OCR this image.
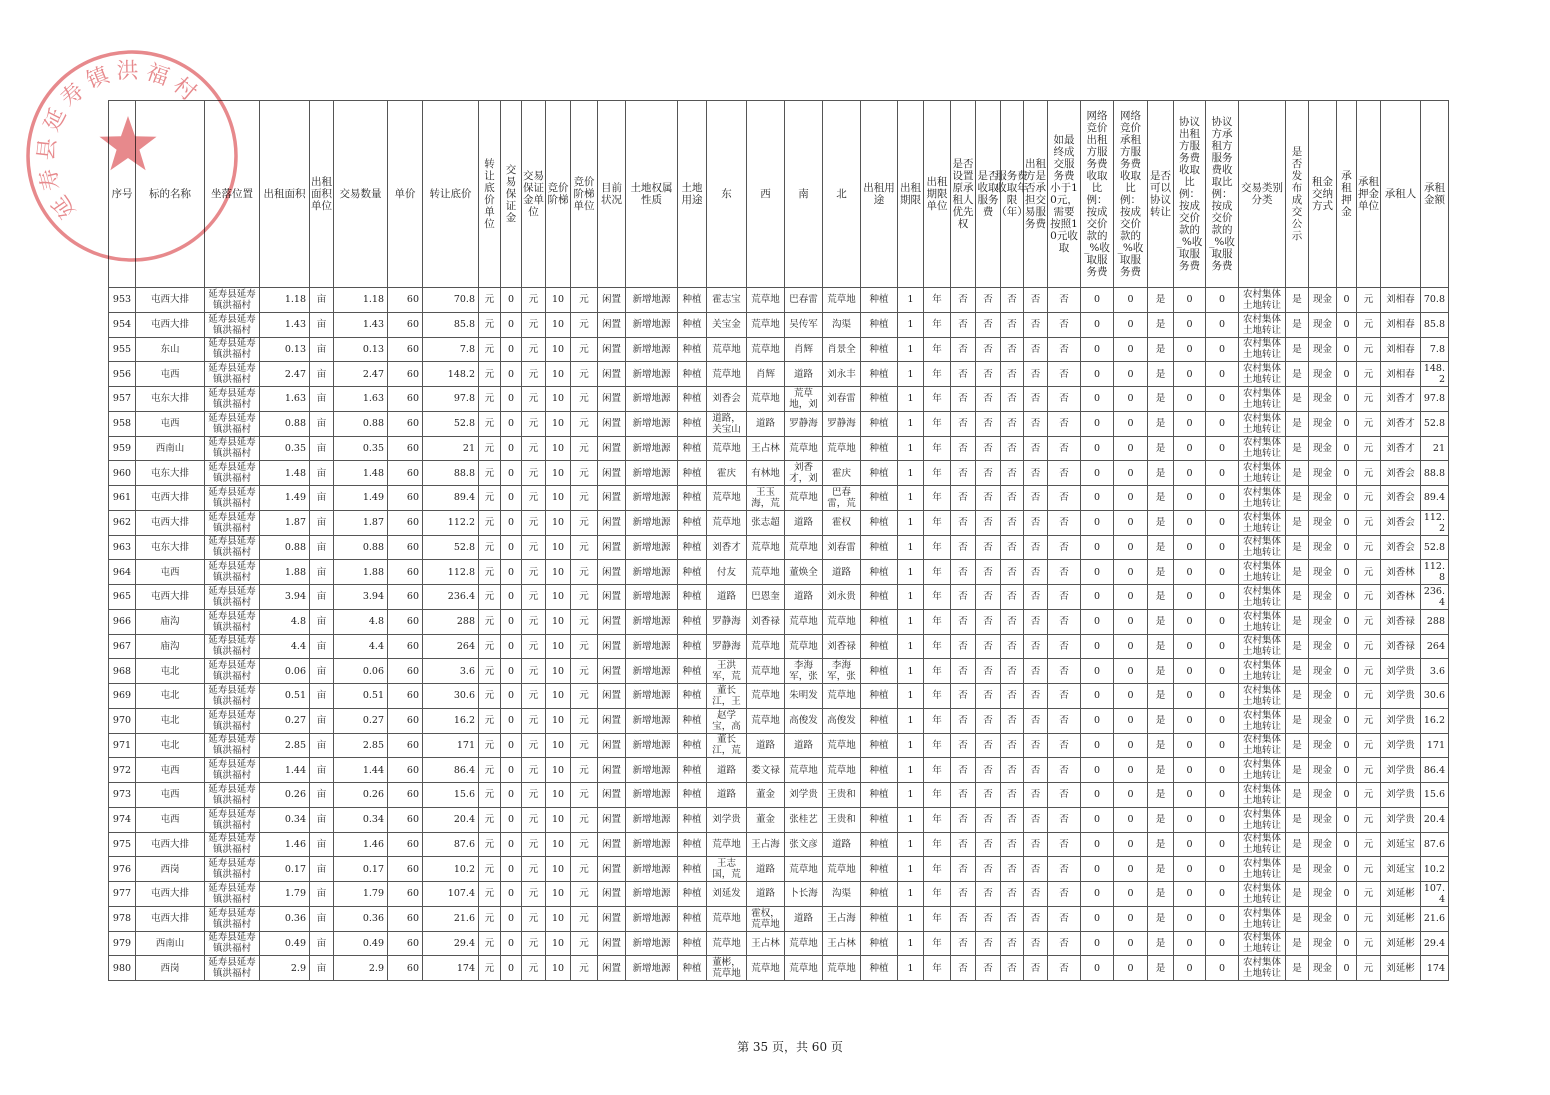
序号	标的名称	坐落位置	出租面积	出租面积单位	交易数量	单价	转让底价	转让底价单位	交易保证金	交易保证金单位	竞价阶梯	竞价阶梯单位	目前状况	土地权属性质	土地用途	东	西	南	北	出租用途	出租期限	出租期限单位	是否设置原承租人优先权	是否收取服务费	服务费收取年限（年）	出租方是否承担交易服务费	如最终成交服务费小于10元，需要按照10元收取	网络竞价出租方服务费收取比例：按成交价款的_%收取服务费	网络竞价承租方服务费收取比例：按成交价款的_%收取服务费	是否可以协议转让	协议出租方服务费收取比例：按成交价款的_%收取服务费	协议方承租方服务费收取比例：按成交价款的_%收取服务费	交易类别分类	是否发布成交公示	租金交纳方式	承租押金	承租押金单位	承租人	承租金额

953	屯西大排	延寿县延寿镇洪福村	1.18	亩	1.18	60	70.8	元	0	元	10	元	闲置	新增地源	种植	霍志宝	荒草地	巴春雷	荒草地	种植	1	年	否	否	否	否	否	0	0	是	0	0	农村集体土地转让	是	现金	0	元	刘相春	70.8

954	屯西大排	延寿县延寿镇洪福村	1.43	亩	1.43	60	85.8	元	0	元	10	元	闲置	新增地源	种植	关宝金	荒草地	吴传军	沟渠	种植	1	年	否	否	否	否	否	0	0	是	0	0	农村集体土地转让	是	现金	0	元	刘相春	85.8

955	东山	延寿县延寿镇洪福村	0.13	亩	0.13	60	7.8	元	0	元	10	元	闲置	新增地源	种植	荒草地	荒草地	肖辉	肖景全	种植	1	年	否	否	否	否	否	0	0	是	0	0	农村集体土地转让	是	现金	0	元	刘相春	7.8

956	屯西	延寿县延寿镇洪福村	2.47	亩	2.47	60	148.2	元	0	元	10	元	闲置	新增地源	种植	荒草地	肖辉	道路	刘永丰	种植	1	年	否	否	否	否	否	0	0	是	0	0	农村集体土地转让	是	现金	0	元	刘相春	148.2

957	屯东大排	延寿县延寿镇洪福村	1.63	亩	1.63	60	97.8	元	0	元	10	元	闲置	新增地源	种植	刘香会	荒草地	荒草地，刘	刘春雷	种植	1	年	否	否	否	否	否	0	0	是	0	0	农村集体土地转让	是	现金	0	元	刘香才	97.8

958	屯西	延寿县延寿镇洪福村	0.88	亩	0.88	60	52.8	元	0	元	10	元	闲置	新增地源	种植	道路，关宝山	道路	罗静海	罗静海	种植	1	年	否	否	否	否	否	0	0	是	0	0	农村集体土地转让	是	现金	0	元	刘香才	52.8

959	西南山	延寿县延寿镇洪福村	0.35	亩	0.35	60	21	元	0	元	10	元	闲置	新增地源	种植	荒草地	王占林	荒草地	荒草地	种植	1	年	否	否	否	否	否	0	0	是	0	0	农村集体土地转让	是	现金	0	元	刘香才	21

960	屯东大排	延寿县延寿镇洪福村	1.48	亩	1.48	60	88.8	元	0	元	10	元	闲置	新增地源	种植	霍庆	有林地	刘香才，刘	霍庆	种植	1	年	否	否	否	否	否	0	0	是	0	0	农村集体土地转让	是	现金	0	元	刘香会	88.8

961	屯西大排	延寿县延寿镇洪福村	1.49	亩	1.49	60	89.4	元	0	元	10	元	闲置	新增地源	种植	荒草地	王玉海，荒	荒草地	巴春雷，荒	种植	1	年	否	否	否	否	否	0	0	是	0	0	农村集体土地转让	是	现金	0	元	刘香会	89.4

962	屯西大排	延寿县延寿镇洪福村	1.87	亩	1.87	60	112.2	元	0	元	10	元	闲置	新增地源	种植	荒草地	张志超	道路	霍权	种植	1	年	否	否	否	否	否	0	0	是	0	0	农村集体土地转让	是	现金	0	元	刘香会	112.2

963	屯东大排	延寿县延寿镇洪福村	0.88	亩	0.88	60	52.8	元	0	元	10	元	闲置	新增地源	种植	刘香才	荒草地	荒草地	刘春雷	种植	1	年	否	否	否	否	否	0	0	是	0	0	农村集体土地转让	是	现金	0	元	刘香会	52.8

964	屯西	延寿县延寿镇洪福村	1.88	亩	1.88	60	112.8	元	0	元	10	元	闲置	新增地源	种植	付友	荒草地	董焕全	道路	种植	1	年	否	否	否	否	否	0	0	是	0	0	农村集体土地转让	是	现金	0	元	刘香林	112.8

965	屯西大排	延寿县延寿镇洪福村	3.94	亩	3.94	60	236.4	元	0	元	10	元	闲置	新增地源	种植	道路	巴恩奎	道路	刘永贵	种植	1	年	否	否	否	否	否	0	0	是	0	0	农村集体土地转让	是	现金	0	元	刘香林	236.4

966	庙沟	延寿县延寿镇洪福村	4.8	亩	4.8	60	288	元	0	元	10	元	闲置	新增地源	种植	罗静海	刘香禄	荒草地	荒草地	种植	1	年	否	否	否	否	否	0	0	是	0	0	农村集体土地转让	是	现金	0	元	刘香禄	288

967	庙沟	延寿县延寿镇洪福村	4.4	亩	4.4	60	264	元	0	元	10	元	闲置	新增地源	种植	罗静海	荒草地	荒草地	刘香禄	种植	1	年	否	否	否	否	否	0	0	是	0	0	农村集体土地转让	是	现金	0	元	刘香禄	264

968	屯北	延寿县延寿镇洪福村	0.06	亩	0.06	60	3.6	元	0	元	10	元	闲置	新增地源	种植	王洪军，荒	荒草地	李海军，张	李海军，张	种植	1	年	否	否	否	否	否	0	0	是	0	0	农村集体土地转让	是	现金	0	元	刘学贵	3.6

969	屯北	延寿县延寿镇洪福村	0.51	亩	0.51	60	30.6	元	0	元	10	元	闲置	新增地源	种植	董长江，王	荒草地	朱明发	荒草地	种植	1	年	否	否	否	否	否	0	0	是	0	0	农村集体土地转让	是	现金	0	元	刘学贵	30.6

970	屯北	延寿县延寿镇洪福村	0.27	亩	0.27	60	16.2	元	0	元	10	元	闲置	新增地源	种植	赵学宝，高	荒草地	高俊发	高俊发	种植	1	年	否	否	否	否	否	0	0	是	0	0	农村集体土地转让	是	现金	0	元	刘学贵	16.2

971	屯北	延寿县延寿镇洪福村	2.85	亩	2.85	60	171	元	0	元	10	元	闲置	新增地源	种植	董长江，荒	道路	道路	荒草地	种植	1	年	否	否	否	否	否	0	0	是	0	0	农村集体土地转让	是	现金	0	元	刘学贵	171

972	屯西	延寿县延寿镇洪福村	1.44	亩	1.44	60	86.4	元	0	元	10	元	闲置	新增地源	种植	道路	娄文禄	荒草地	荒草地	种植	1	年	否	否	否	否	否	0	0	是	0	0	农村集体土地转让	是	现金	0	元	刘学贵	86.4

973	屯西	延寿县延寿镇洪福村	0.26	亩	0.26	60	15.6	元	0	元	10	元	闲置	新增地源	种植	道路	董金	刘学贵	王贵和	种植	1	年	否	否	否	否	否	0	0	是	0	0	农村集体土地转让	是	现金	0	元	刘学贵	15.6

974	屯西	延寿县延寿镇洪福村	0.34	亩	0.34	60	20.4	元	0	元	10	元	闲置	新增地源	种植	刘学贵	董金	张桂艺	王贵和	种植	1	年	否	否	否	否	否	0	0	是	0	0	农村集体土地转让	是	现金	0	元	刘学贵	20.4

975	屯西大排	延寿县延寿镇洪福村	1.46	亩	1.46	60	87.6	元	0	元	10	元	闲置	新增地源	种植	荒草地	王占海	张文彦	道路	种植	1	年	否	否	否	否	否	0	0	是	0	0	农村集体土地转让	是	现金	0	元	刘延宝	87.6

976	西岗	延寿县延寿镇洪福村	0.17	亩	0.17	60	10.2	元	0	元	10	元	闲置	新增地源	种植	王志国，荒	道路	荒草地	荒草地	种植	1	年	否	否	否	否	否	0	0	是	0	0	农村集体土地转让	是	现金	0	元	刘延宝	10.2

977	屯西大排	延寿县延寿镇洪福村	1.79	亩	1.79	60	107.4	元	0	元	10	元	闲置	新增地源	种植	刘延发	道路	卜长海	沟渠	种植	1	年	否	否	否	否	否	0	0	是	0	0	农村集体土地转让	是	现金	0	元	刘延彬	107.4

978	屯西大排	延寿县延寿镇洪福村	0.36	亩	0.36	60	21.6	元	0	元	10	元	闲置	新增地源	种植	荒草地	霍权，荒草地	道路	王占海	种植	1	年	否	否	否	否	否	0	0	是	0	0	农村集体土地转让	是	现金	0	元	刘延彬	21.6

979	西南山	延寿县延寿镇洪福村	0.49	亩	0.49	60	29.4	元	0	元	10	元	闲置	新增地源	种植	荒草地	王占林	荒草地	王占林	种植	1	年	否	否	否	否	否	0	0	是	0	0	农村集体土地转让	是	现金	0	元	刘延彬	29.4

980	西岗	延寿县延寿镇洪福村	2.9	亩	2.9	60	174	元	0	元	10	元	闲置	新增地源	种植	董彬，荒草地	荒草地	荒草地	荒草地	种植	1	年	否	否	否	否	否	0	0	是	0	0	农村集体土地转让	是	现金	0	元	刘延彬	174
延寿县延寿镇洪福村
第 35 页，共 60 页
